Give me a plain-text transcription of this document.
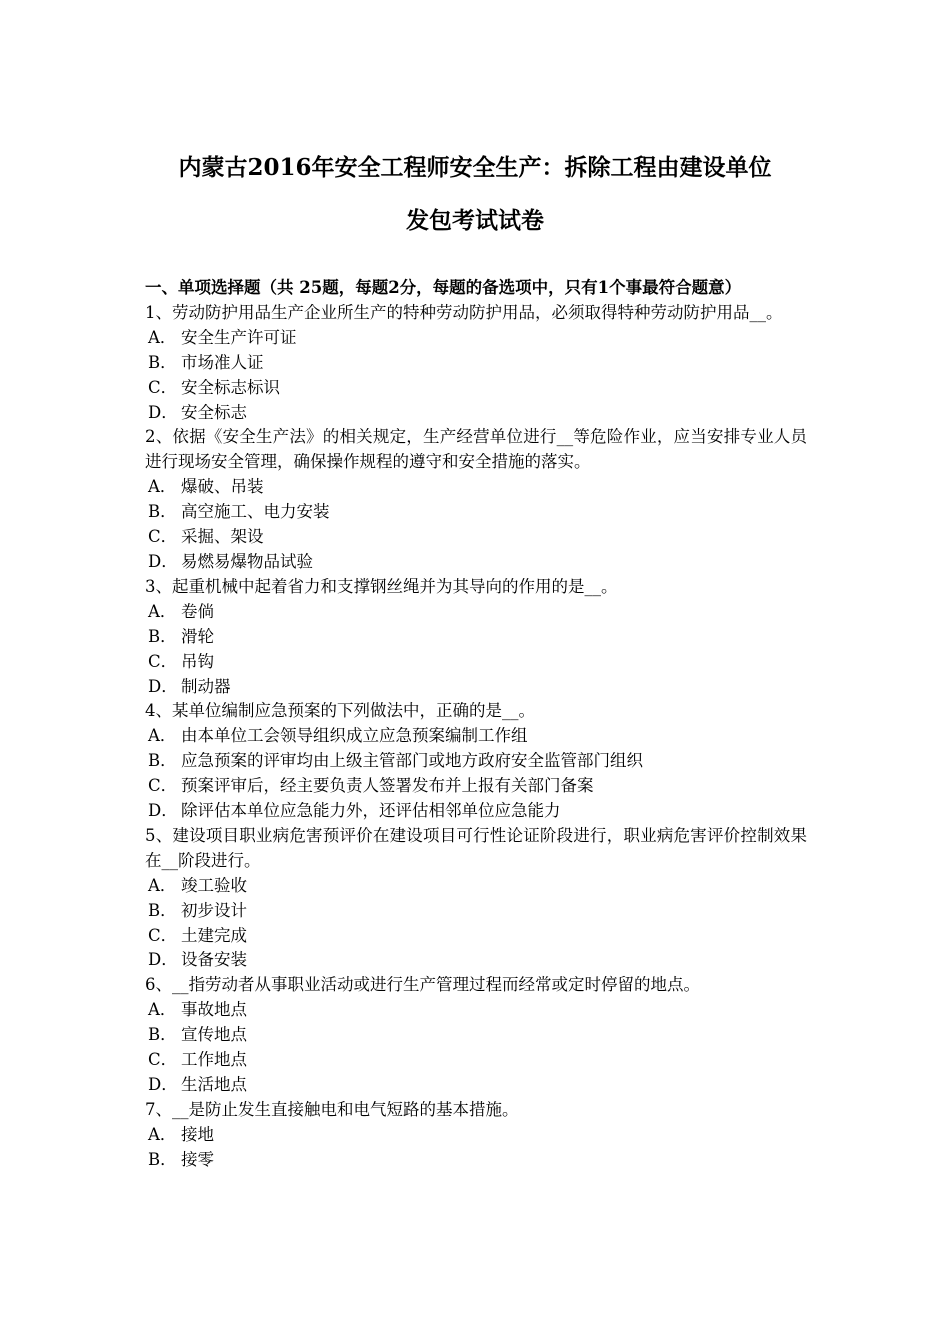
内蒙古2016年安全工程师安全生产：拆除工程由建设单位
发包考试试卷

一、单项选择题（共 25题，每题2分，每题的备选项中，只有1个事最符合题意）

1、劳动防护用品生产企业所生产的特种劳动防护用品，必须取得特种劳动防护用品__。

A． 安全生产许可证

B． 市场准人证

C． 安全标志标识

D． 安全标志

2、依据《安全生产法》的相关规定，生产经营单位进行__等危险作业，应当安排专业人员进行现场安全管理，确保操作规程的遵守和安全措施的落实。

A． 爆破、吊装

B． 高空施工、电力安装

C． 采掘、架设

D． 易燃易爆物品试验

3、起重机械中起着省力和支撑钢丝绳并为其导向的作用的是__。

A． 卷倘

B． 滑轮

C． 吊钩

D． 制动器

4、某单位编制应急预案的下列做法中，正确的是__。

A． 由本单位工会领导组织成立应急预案编制工作组

B． 应急预案的评审均由上级主管部门或地方政府安全监管部门组织

C． 预案评审后，经主要负责人签署发布并上报有关部门备案

D． 除评估本单位应急能力外，还评估相邻单位应急能力

5、建设项目职业病危害预评价在建设项目可行性论证阶段进行，职业病危害评价控制效果在__阶段进行。

A． 竣工验收

B． 初步设计

C． 土建完成

D． 设备安装

6、__指劳动者从事职业活动或进行生产管理过程而经常或定时停留的地点。

A． 事故地点

B． 宣传地点

C． 工作地点

D． 生活地点

7、__是防止发生直接触电和电气短路的基本措施。

A． 接地

B． 接零
